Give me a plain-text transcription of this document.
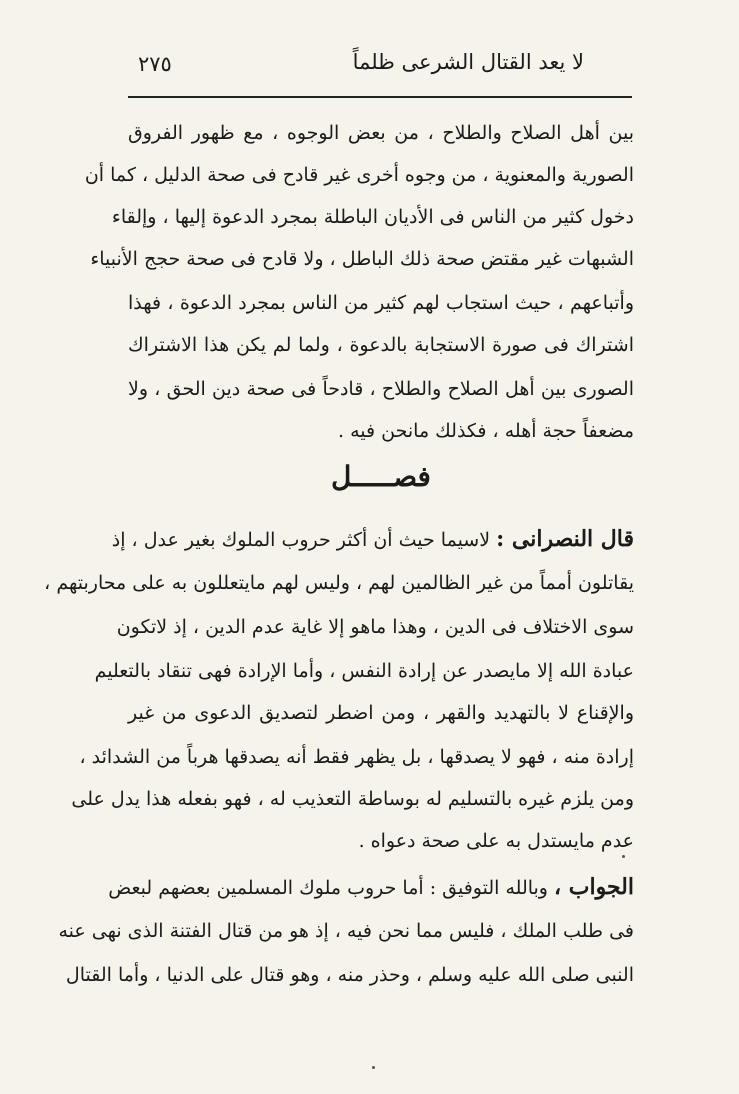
لا يعد القتال الشرعى ظلماً
٢٧٥
بين أهل الصلاح والطلاح ، من بعض الوجوه ، مع ظهور الفروق
الصورية والمعنوية ، من وجوه أخرى غير قادح فى صحة الدليل ، كما أن
دخول كثير من الناس فى الأديان الباطلة بمجرد الدعوة إليها ، وإلقاء
الشبهات غير مقتض صحة ذلك الباطل ، ولا قادح فى صحة حجج الأنبياء
وأتباعهم ، حيث استجاب لهم كثير من الناس بمجرد الدعوة ، فهذا
اشتراك فى صورة الاستجابة بالدعوة ، ولما لم يكن هذا الاشتراك
الصورى بين أهل الصلاح والطلاح ، قادحاً فى صحة دين الحق ، ولا
مضعفاً حجة أهله ، فكذلك مانحن فيه .
فصـــــل
قال النصرانى : لاسيما حيث أن أكثر حروب الملوك بغير عدل ، إذ
يقاتلون أمماً من غير الظالمين لهم ، وليس لهم مايتعللون به على محاربتهم ،
سوى الاختلاف فى الدين ، وهذا ماهو إلا غاية عدم الدين ، إذ لاتكون
عبادة الله إلا مايصدر عن إرادة النفس ، وأما الإرادة فهى تنقاد بالتعليم
والإقناع لا بالتهديد والقهر ، ومن اضطر لتصديق الدعوى من غير
إرادة منه ، فهو لا يصدقها ، بل يظهر فقط أنه يصدقها هرباً من الشدائد ،
ومن يلزم غيره بالتسليم له بوساطة التعذيب له ، فهو بفعله هذا يدل على
عدم مايستدل به على صحة دعواه .
الجواب ، وبالله التوفيق : أما حروب ملوك المسلمين بعضهم لبعض
فى طلب الملك ، فليس مما نحن فيه ، إذ هو من قتال الفتنة الذى نهى عنه
النبى صلى الله عليه وسلم ، وحذر منه ، وهو قتال على الدنيا ، وأما القتال
